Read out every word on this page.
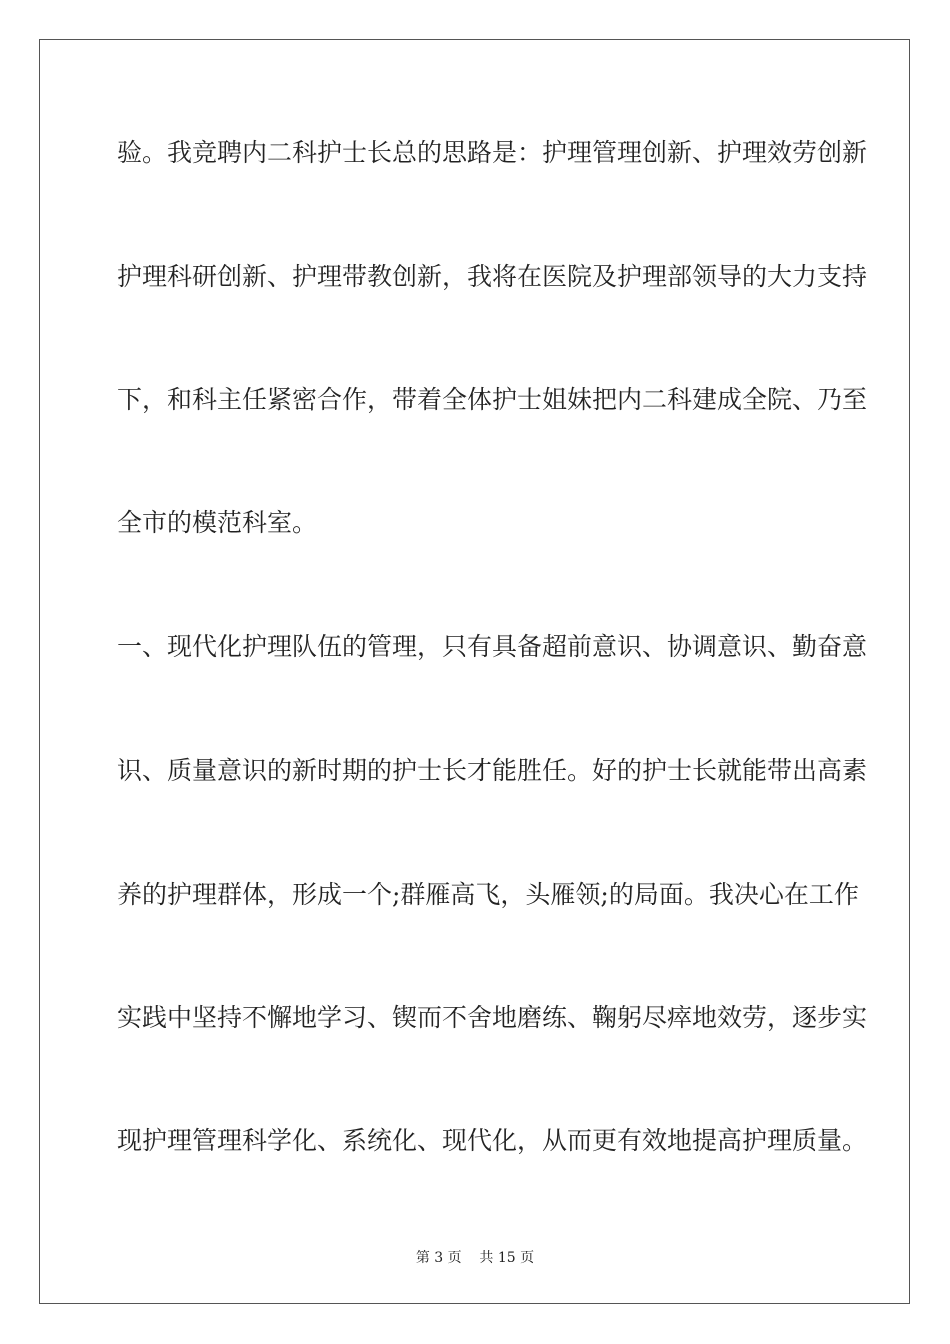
验。我竞聘内二科护士长总的思路是：护理管理创新、护理效劳创新
护理科研创新、护理带教创新，我将在医院及护理部领导的大力支持
下，和科主任紧密合作，带着全体护士姐妹把内二科建成全院、乃至
全市的模范科室。
一、现代化护理队伍的管理，只有具备超前意识、协调意识、勤奋意
识、质量意识的新时期的护士长才能胜任。好的护士长就能带出高素
养的护理群体，形成一个;群雁高飞，头雁领;的局面。我决心在工作
实践中坚持不懈地学习、锲而不舍地磨练、鞠躬尽瘁地效劳，逐步实
现护理管理科学化、系统化、现代化，从而更有效地提高护理质量。
第 3 页    共 15 页
